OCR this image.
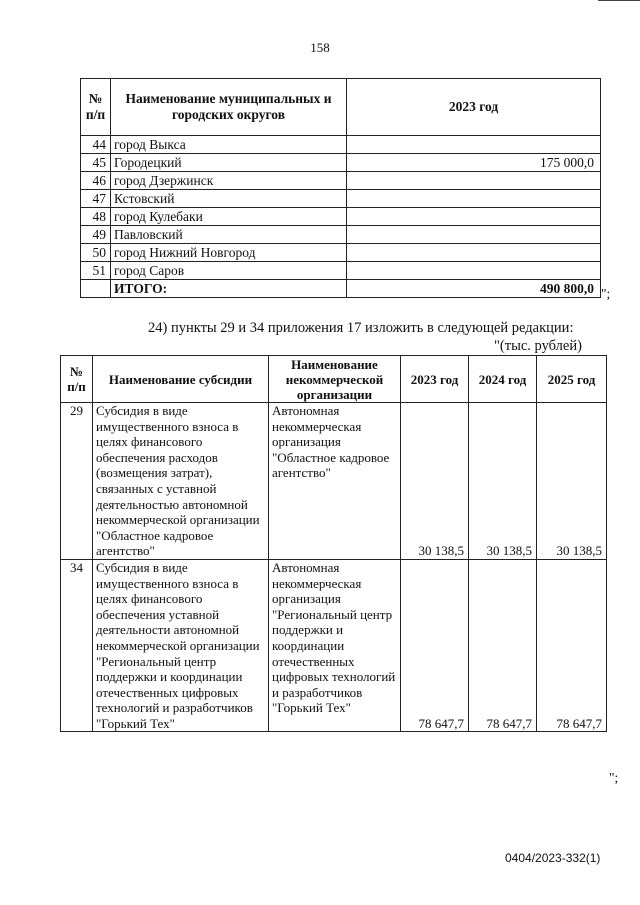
158
№ п/п	Наименование муниципальных и городских округов	2023 год
44	город Выкса	
45	Городецкий	175 000,0
46	город Дзержинск	
47	Кстовский	
48	город Кулебаки	
49	Павловский	
50	город Нижний Новгород	
51	город Саров	
	ИТОГО:	490 800,0 ";
24) пункты 29 и 34 приложения 17 изложить в следующей редакции:
"(тыс. рублей)
№ п/п	Наименование субсидии	Наименование некоммерческой организации	2023 год	2024 год	2025 год
29	Субсидия в виде имущественного взноса в целях финансового обеспечения расходов (возмещения затрат), связанных с уставной деятельностью автономной некоммерческой организации "Областное кадровое агентство"	Автономная некоммерческая организация "Областное кадровое агентство"	30 138,5	30 138,5	30 138,5
34	Субсидия в виде имущественного взноса в целях финансового обеспечения уставной деятельности автономной некоммерческой организации "Региональный центр поддержки и координации отечественных цифровых технологий и разработчиков "Горький Тех"	Автономная некоммерческая организация "Региональный центр поддержки и координации отечественных цифровых технологий и разработчиков "Горький Тех"	78 647,7	78 647,7	78 647,7
";
0404/2023-332(1)
